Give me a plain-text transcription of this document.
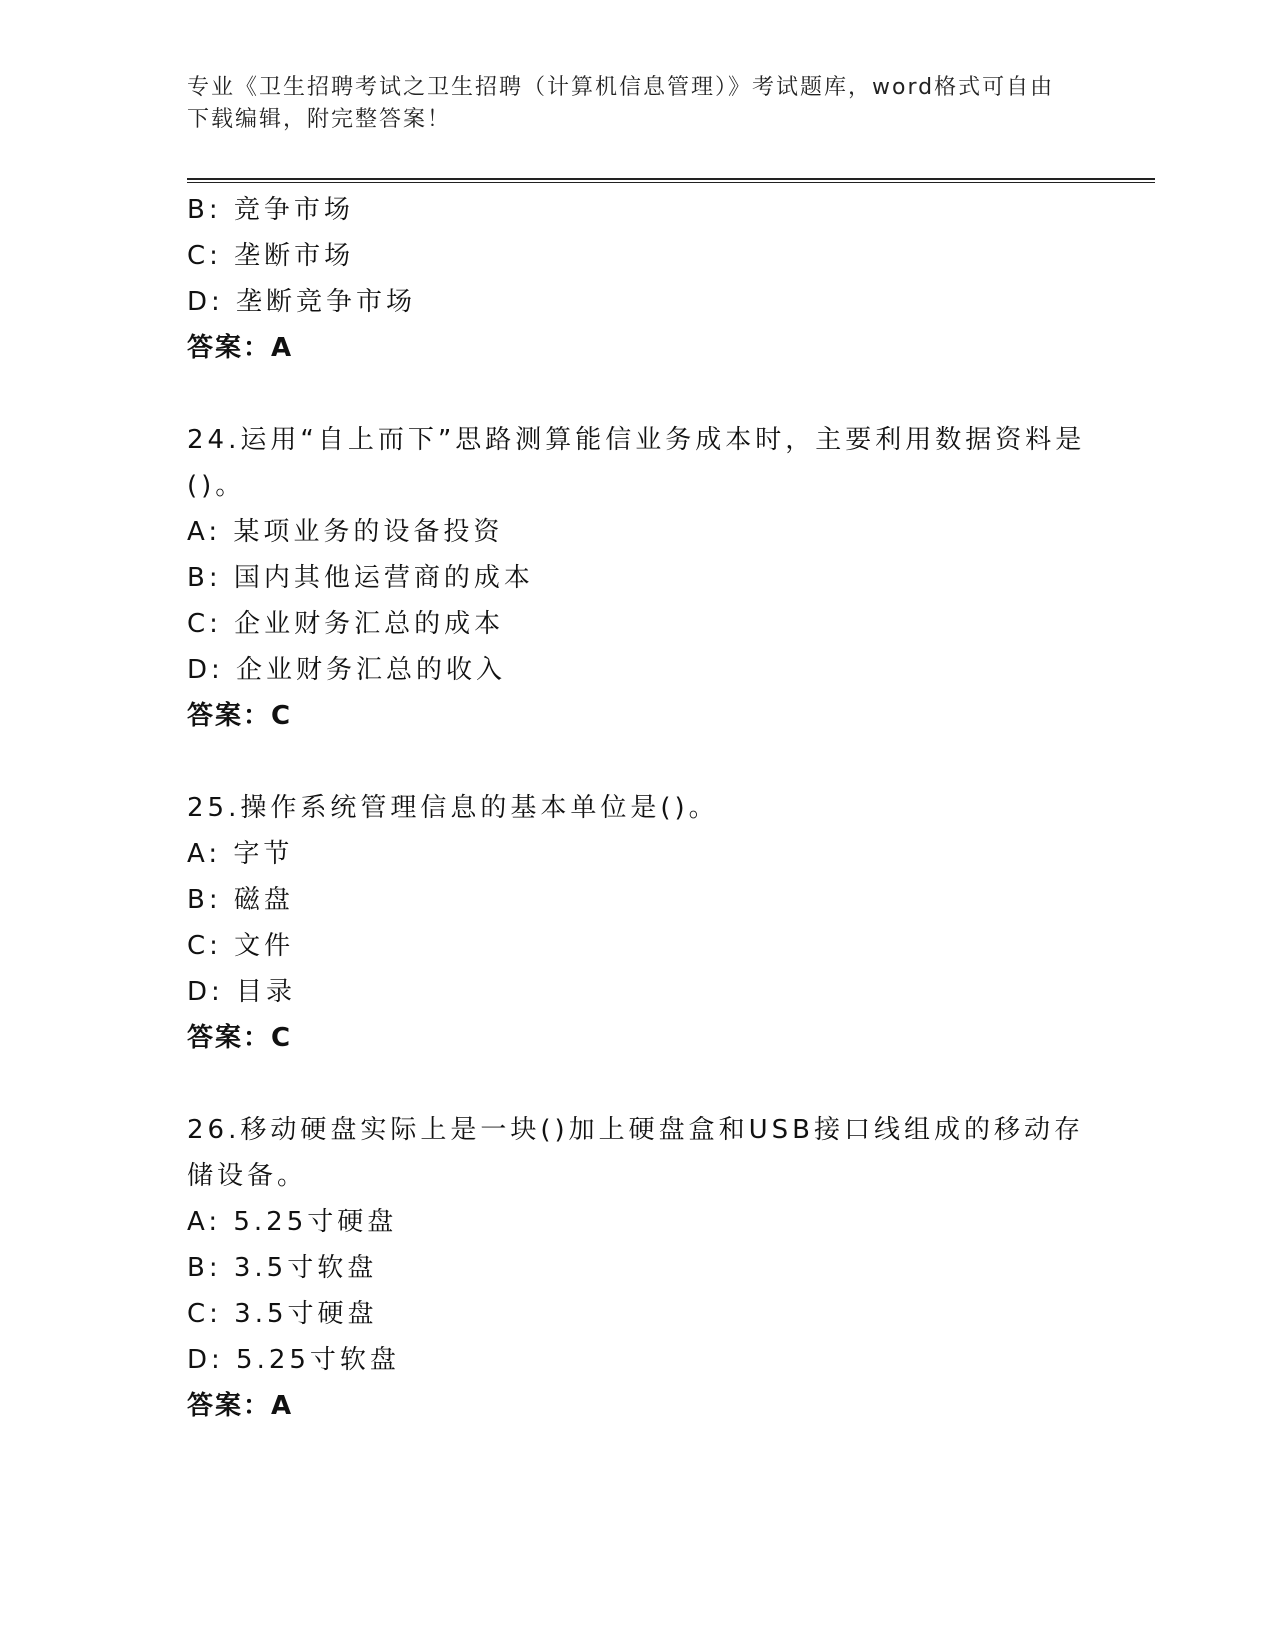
专业《卫生招聘考试之卫生招聘（计算机信息管理）》考试题库，word格式可自由下载编辑，附完整答案！
B: 竞争市场
C: 垄断市场
D: 垄断竞争市场
答案：A
24.运用“自上而下”思路测算能信业务成本时，主要利用数据资料是()。
A: 某项业务的设备投资
B: 国内其他运营商的成本
C: 企业财务汇总的成本
D: 企业财务汇总的收入
答案：C
25.操作系统管理信息的基本单位是()。
A: 字节
B: 磁盘
C: 文件
D: 目录
答案：C
26.移动硬盘实际上是一块()加上硬盘盒和USB接口线组成的移动存储设备。
A: 5.25寸硬盘
B: 3.5寸软盘
C: 3.5寸硬盘
D: 5.25寸软盘
答案：A
